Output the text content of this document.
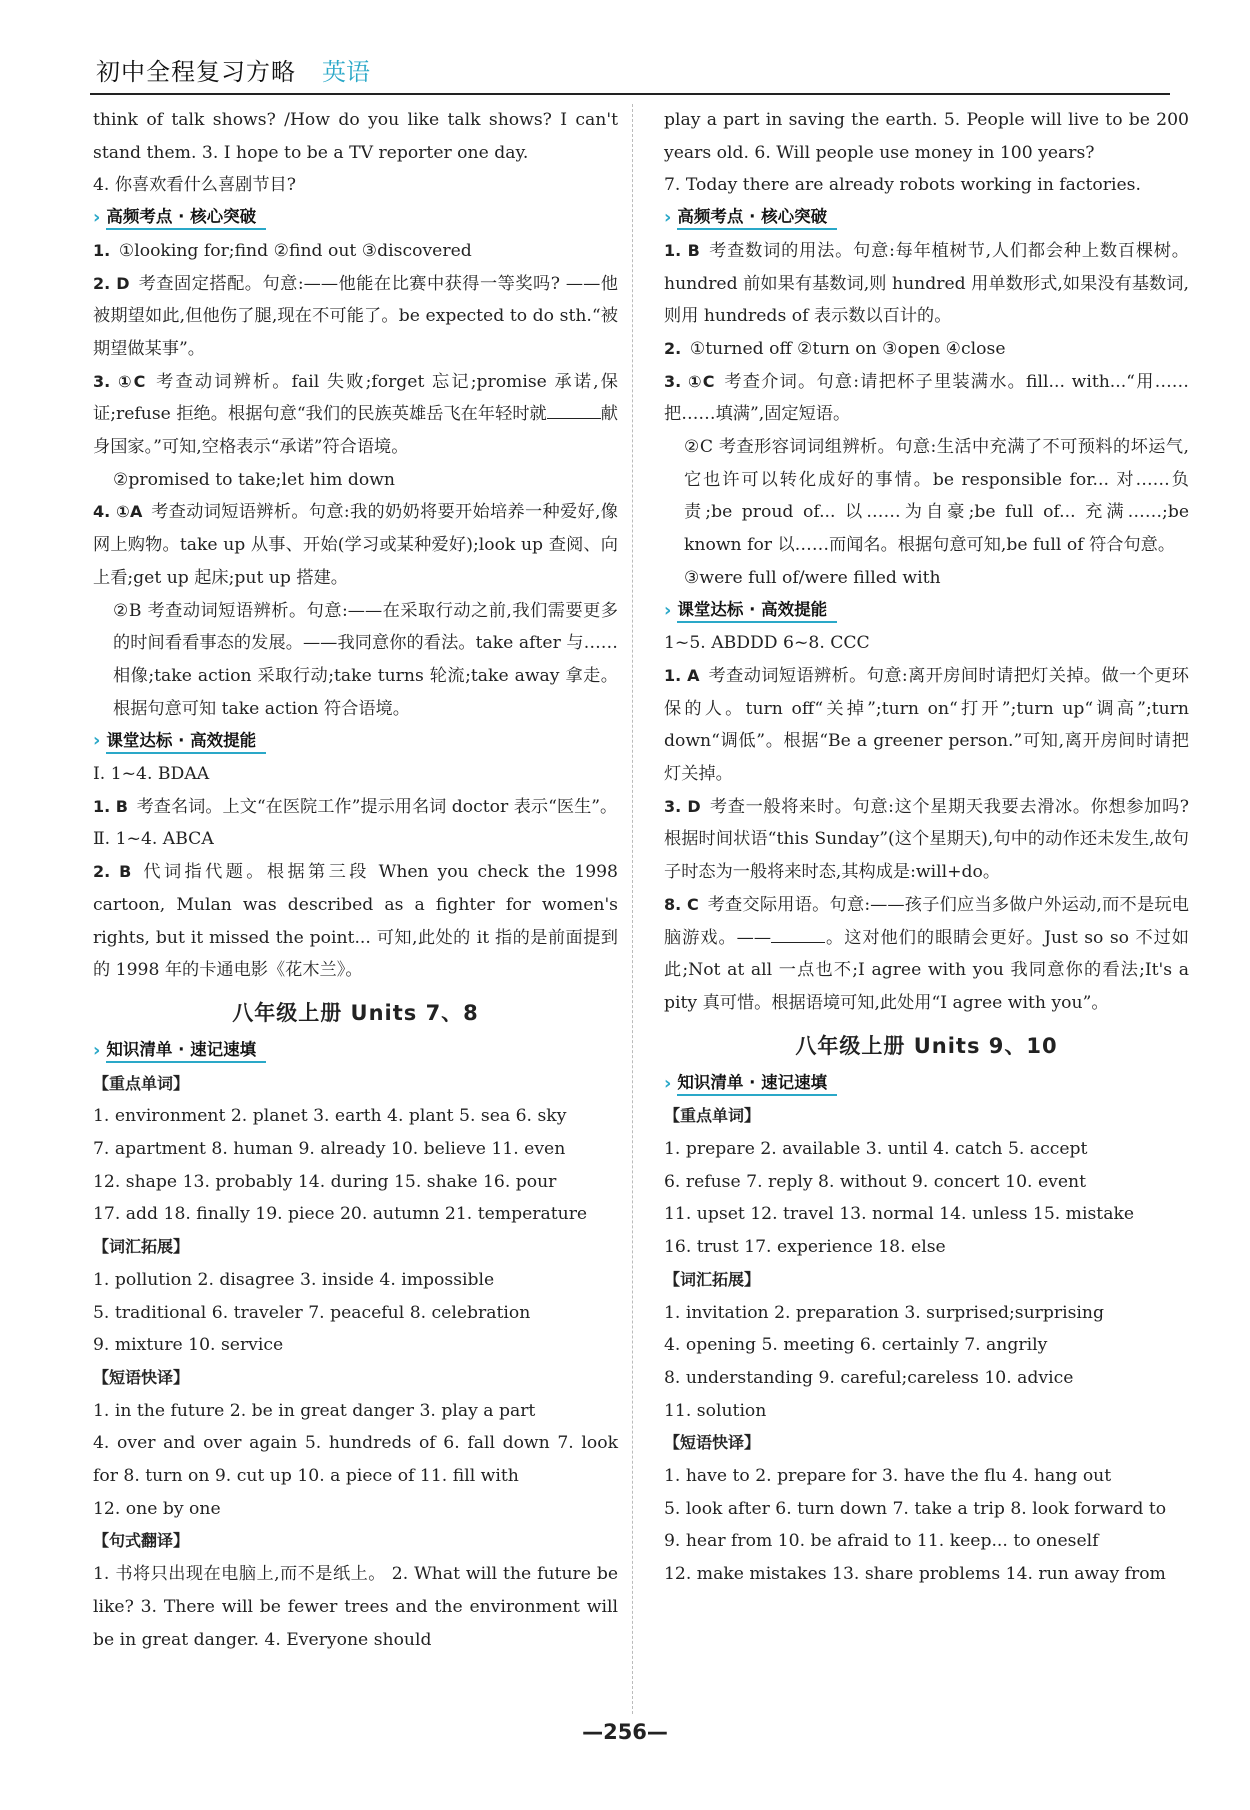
初中全程复习方略 英语

think of talk shows? /How do you like talk shows? I can't stand them. 3. I hope to be a TV reporter one day.

4. 你喜欢看什么喜剧节目?

› 高频考点 · 核心突破

1.  ①looking for;find ②find out ③discovered

2. D  考查固定搭配。句意:——他能在比赛中获得一等奖吗? ——他被期望如此,但他伤了腿,现在不可能了。be expected to do sth.“被期望做某事”。

3. ①C  考查动词辨析。fail 失败;forget 忘记;promise 承诺,保证;refuse 拒绝。根据句意“我们的民族英雄岳飞在年轻时就	献身国家。”可知,空格表示“承诺”符合语境。

②promised to take;let him down

4. ①A  考查动词短语辨析。句意:我的奶奶将要开始培养一种爱好,像网上购物。take up 从事、开始(学习或某种爱好);look up 查阅、向上看;get up 起床;put up 搭建。

②B 考查动词短语辨析。句意:——在采取行动之前,我们需要更多的时间看看事态的发展。——我同意你的看法。take after 与……相像;take action 采取行动;take turns 轮流;take away 拿走。根据句意可知 take action 符合语境。

› 课堂达标 · 高效提能

Ⅰ. 1~4. BDAA

1. B  考查名词。上文“在医院工作”提示用名词 doctor 表示“医生”。

Ⅱ. 1~4. ABCA

2. B  代词指代题。根据第三段 When you check the 1998 cartoon, Mulan was described as a fighter for women's rights, but it missed the point... 可知,此处的 it 指的是前面提到的 1998 年的卡通电影《花木兰》。

八年级上册 Units 7、8
› 知识清单 · 速记速填
【重点单词】

1. environment 2. planet 3. earth 4. plant 5. sea 6. sky

7. apartment 8. human 9. already 10. believe 11. even

12. shape 13. probably 14. during 15. shake 16. pour

17. add 18. finally 19. piece 20. autumn 21. temperature

【词汇拓展】

1. pollution 2. disagree 3. inside 4. impossible

5. traditional 6. traveler 7. peaceful 8. celebration

9. mixture 10. service

【短语快译】

1. in the future 2. be in great danger 3. play a part

4. over and over again 5. hundreds of 6. fall down 7. look for 8. turn on 9. cut up 10. a piece of 11. fill with

12. one by one

【句式翻译】

1. 书将只出现在电脑上,而不是纸上。 2. What will the future be like? 3. There will be fewer trees and the environment will be in great danger. 4. Everyone should

play a part in saving the earth. 5. People will live to be 200 years old. 6. Will people use money in 100 years?

7. Today there are already robots working in factories.

› 高频考点 · 核心突破

1. B  考查数词的用法。句意:每年植树节,人们都会种上数百棵树。hundred 前如果有基数词,则 hundred 用单数形式,如果没有基数词,则用 hundreds of 表示数以百计的。

2.  ①turned off ②turn on ③open ④close

3. ①C  考查介词。句意:请把杯子里装满水。fill... with...“用……把……填满”,固定短语。

②C 考查形容词词组辨析。句意:生活中充满了不可预料的坏运气,它也许可以转化成好的事情。be responsible for... 对……负责;be proud of... 以……为自豪;be full of... 充满……;be known for 以……而闻名。根据句意可知,be full of 符合句意。

③were full of/were filled with

› 课堂达标 · 高效提能

1~5. ABDDD 6~8. CCC

1. A  考查动词短语辨析。句意:离开房间时请把灯关掉。做一个更环保的人。turn off“关掉”;turn on“打开”;turn up“调高”;turn down“调低”。根据“Be a greener person.”可知,离开房间时请把灯关掉。

3. D  考查一般将来时。句意:这个星期天我要去滑冰。你想参加吗? 根据时间状语“this Sunday”(这个星期天),句中的动作还未发生,故句子时态为一般将来时态,其构成是:will+do。

8. C  考查交际用语。句意:——孩子们应当多做户外运动,而不是玩电脑游戏。——	。这对他们的眼睛会更好。Just so so 不过如此;Not at all 一点也不;I agree with you 我同意你的看法;It's a pity 真可惜。根据语境可知,此处用“I agree with you”。

八年级上册 Units 9、10
› 知识清单 · 速记速填
【重点单词】

1. prepare 2. available 3. until 4. catch 5. accept

6. refuse 7. reply 8. without 9. concert 10. event

11. upset 12. travel 13. normal 14. unless 15. mistake

16. trust 17. experience 18. else

【词汇拓展】

1. invitation 2. preparation 3. surprised;surprising

4. opening 5. meeting 6. certainly 7. angrily

8. understanding 9. careful;careless 10. advice

11. solution

【短语快译】

1. have to 2. prepare for 3. have the flu 4. hang out

5. look after 6. turn down 7. take a trip 8. look forward to

9. hear from 10. be afraid to 11. keep... to oneself

12. make mistakes 13. share problems 14. run away from

—256—
